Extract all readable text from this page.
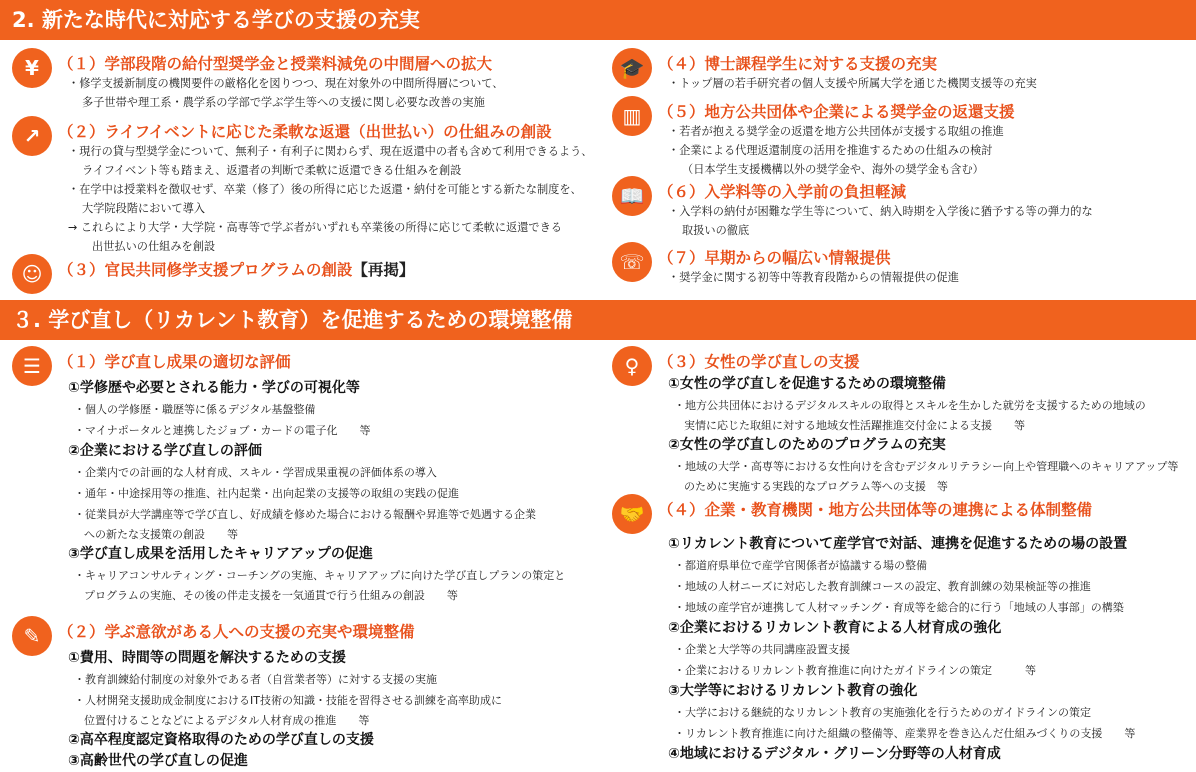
2. 新たな時代に対応する学びの支援の充実
¥	（１）学部段階の給付型奨学金と授業料減免の中間層への拡大
・修学支援新制度の機関要件の厳格化を図りつつ、現在対象外の中間所得層について、
多子世帯や理工系・農学系の学部で学ぶ学生等への支援に関し必要な改善の実施
↗	（２）ライフイベントに応じた柔軟な返還（出世払い）の仕組みの創設
・現行の貸与型奨学金について、無利子・有利子に関わらず、現在返還中の者も含めて利用できるよう、
ライフイベント等も踏まえ、返還者の判断で柔軟に返還できる仕組みを創設
・在学中は授業料を徴収せず、卒業（修了）後の所得に応じた返還・納付を可能とする新たな制度を、
大学院段階において導入
→ これらにより大学・大学院・高専等で学ぶ者がいずれも卒業後の所得に応じて柔軟に返還できる
出世払いの仕組みを創設
☺	（３）官民共同修学支援プログラムの創設【再掲】
🎓 （４）博士課程学生に対する支援の充実
・トップ層の若手研究者の個人支援や所属大学を通じた機関支援等の充実
▥	（５）地方公共団体や企業による奨学金の返還支援
・若者が抱える奨学金の返還を地方公共団体が支援する取組の推進
・企業による代理返還制度の活用を推進するための仕組みの検討
（日本学生支援機構以外の奨学金や、海外の奨学金も含む）
📖 （６）入学料等の入学前の負担軽減
・入学料の納付が困難な学生等について、納入時期を入学後に猶予する等の弾力的な
取扱いの徹底
☏ （７）早期からの幅広い情報提供
・奨学金に関する初等中等教育段階からの情報提供の促進
３. 学び直し（リカレント教育）を促進するための環境整備
☰	（１）学び直し成果の適切な評価
①学修歴や必要とされる能力・学びの可視化等
・個人の学修歴・職歴等に係るデジタル基盤整備
・マイナポータルと連携したジョブ・カードの電子化　　等
②企業における学び直しの評価
・企業内での計画的な人材育成、スキル・学習成果重視の評価体系の導入
・通年・中途採用等の推進、社内起業・出向起業の支援等の取組の実践の促進
・従業員が大学講座等で学び直し、好成績を修めた場合における報酬や昇進等で処遇する企業
への新たな支援策の創設　　等
③学び直し成果を活用したキャリアアップの促進
・キャリアコンサルティング・コーチングの実施、キャリアアップに向けた学び直しプランの策定と
プログラムの実施、その後の伴走支援を一気通貫で行う仕組みの創設　　等
✎	（２）学ぶ意欲がある人への支援の充実や環境整備
①費用、時間等の問題を解決するための支援
・教育訓練給付制度の対象外である者（自営業者等）に対する支援の実施
・人材開発支援助成金制度におけるIT技術の知識・技能を習得させる訓練を高率助成に
位置付けることなどによるデジタル人材育成の推進　　等
②高卒程度認定資格取得のための学び直しの支援
③高齢世代の学び直しの促進
♀	（３）女性の学び直しの支援
①女性の学び直しを促進するための環境整備
・地方公共団体におけるデジタルスキルの取得とスキルを生かした就労を支援するための地域の
実情に応じた取組に対する地域女性活躍推進交付金による支援　　等
②女性の学び直しのためのプログラムの充実
・地域の大学・高専等における女性向けを含むデジタルリテラシー向上や管理職へのキャリアアップ等
のために実施する実践的なプログラム等への支援　等
🤝 （４）企業・教育機関・地方公共団体等の連携による体制整備
①リカレント教育について産学官で対話、連携を促進するための場の設置
・都道府県単位で産学官関係者が協議する場の整備
・地域の人材ニーズに対応した教育訓練コースの設定、教育訓練の効果検証等の推進
・地域の産学官が連携して人材マッチング・育成等を総合的に行う「地域の人事部」の構築
②企業におけるリカレント教育による人材育成の強化
・企業と大学等の共同講座設置支援
・企業におけるリカレント教育推進に向けたガイドラインの策定　　　等
③大学等におけるリカレント教育の強化
・大学における継続的なリカレント教育の実施強化を行うためのガイドラインの策定
・リカレント教育推進に向けた組織の整備等、産業界を巻き込んだ仕組みづくりの支援　　等
④地域におけるデジタル・グリーン分野等の人材育成
